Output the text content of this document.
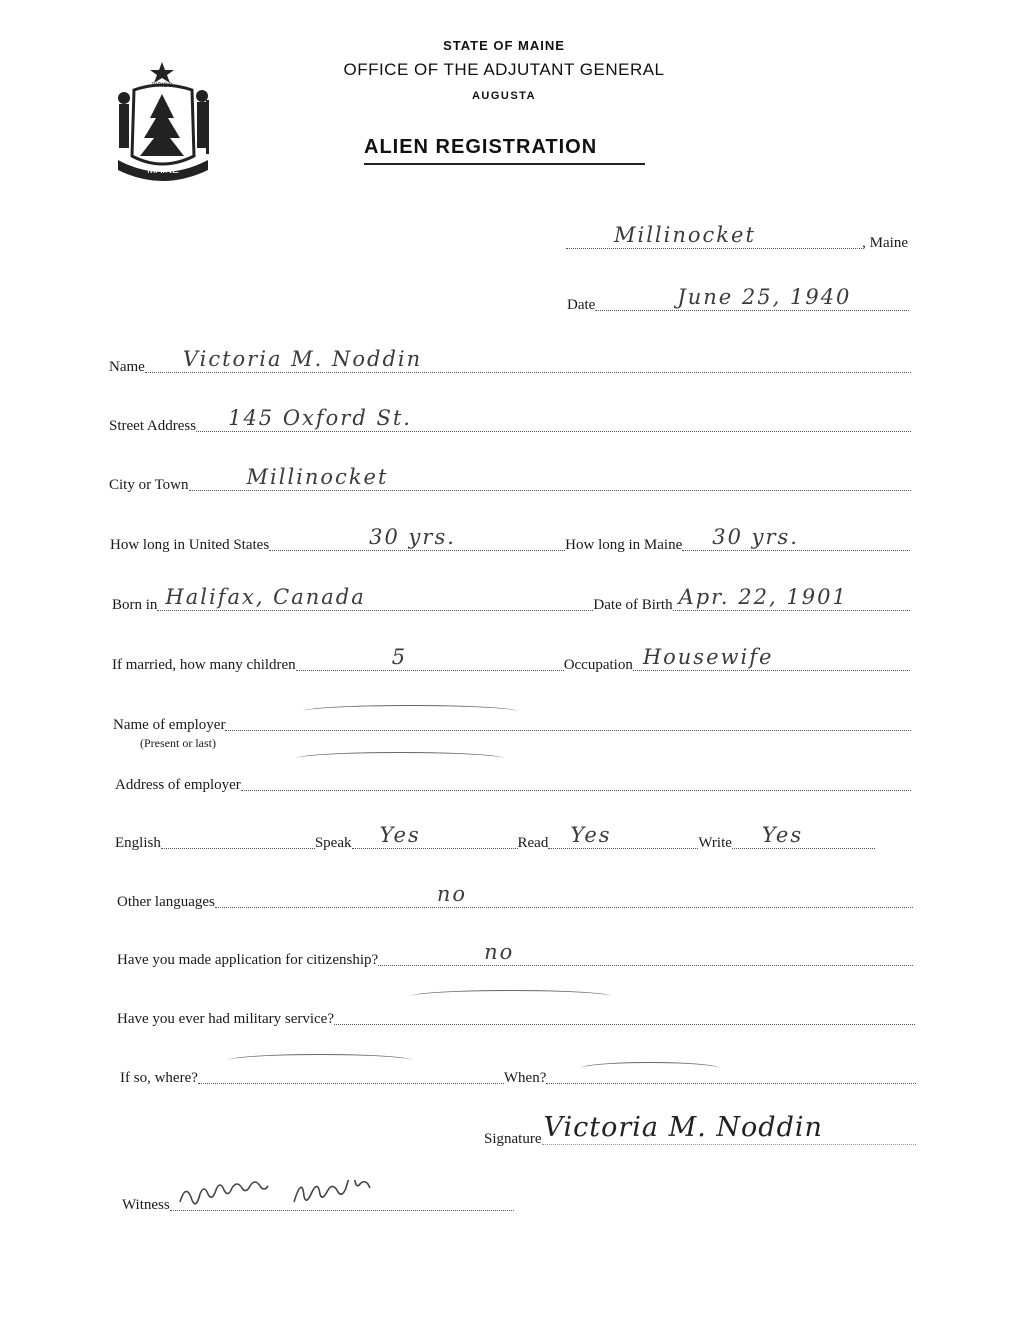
MAINE
DIRIGO
STATE OF MAINE
OFFICE OF THE ADJUTANT GENERAL
AUGUSTA
ALIEN REGISTRATION
Millinocket	, Maine
Date	June 25, 1940
Name Victoria M. Noddin
Street Address 145 Oxford St.
City or Town	Millinocket
How long in United States	30 yrs.	How long in Maine 30 yrs.
Born in Halifax, Canada	Date of Birth Apr. 22, 1901
If married, how many children	5	Occupation Housewife
Name of employer
(Present or last)
Address of employer
English	Speak Yes	Read Yes	Write Yes
Other languages	no
Have you made application for citizenship?	no
Have you ever had military service?
If so, where?	When?
Signature Victoria M. Noddin
Witness
